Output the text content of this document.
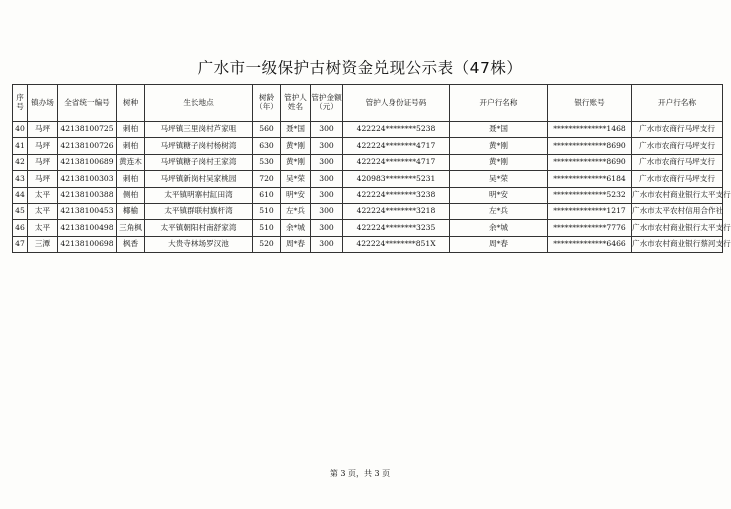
广水市一级保护古树资金兑现公示表（47株）
序号	镇办场	全省统一编号	树种	生长地点	树龄（年）	管护人姓名	管护金额（元）	管护人身份证号码	开户行名称	银行账号	开户行名称
40	马坪	42138100725	刺柏	马坪镇三里岗村芦家咀	560	聂*国	300	422224********5238	聂*国	**************1468	广水市农商行马坪支行
41	马坪	42138100726	刺柏	马坪镇糖子岗村杨树湾	630	黄*刚	300	422224********4717	黄*刚	**************8690	广水市农商行马坪支行
42	马坪	42138100689	黄连木	马坪镇糖子岗村王家湾	530	黄*刚	300	422224********4717	黄*刚	**************8690	广水市农商行马坪支行
43	马坪	42138100303	刺柏	马坪镇新岗村吴家桃园	720	吴*荣	300	420983********5231	吴*荣	**************6184	广水市农商行马坪支行
44	太平	42138100388	侧柏	太平镇明寨村缸田湾	610	明*安	300	422224********3238	明*安	**************5232	广水市农村商业银行太平支行
45	太平	42138100453	椰榆	太平镇群联村旗杆湾	510	左*兵	300	422224********3218	左*兵	**************1217	广水市太平农村信用合作社
46	太平	42138100498	三角枫	太平镇朝阳村南舒家湾	510	余*城	300	422224********3235	余*城	**************7776	广水市农村商业银行太平支行
47	三潭	42138100698	枫香	大贵寺林场罗汉池	520	周*春	300	422224********851X	周*春	**************6466	广水市农村商业银行蔡河支行
第 3 页，共 3 页
